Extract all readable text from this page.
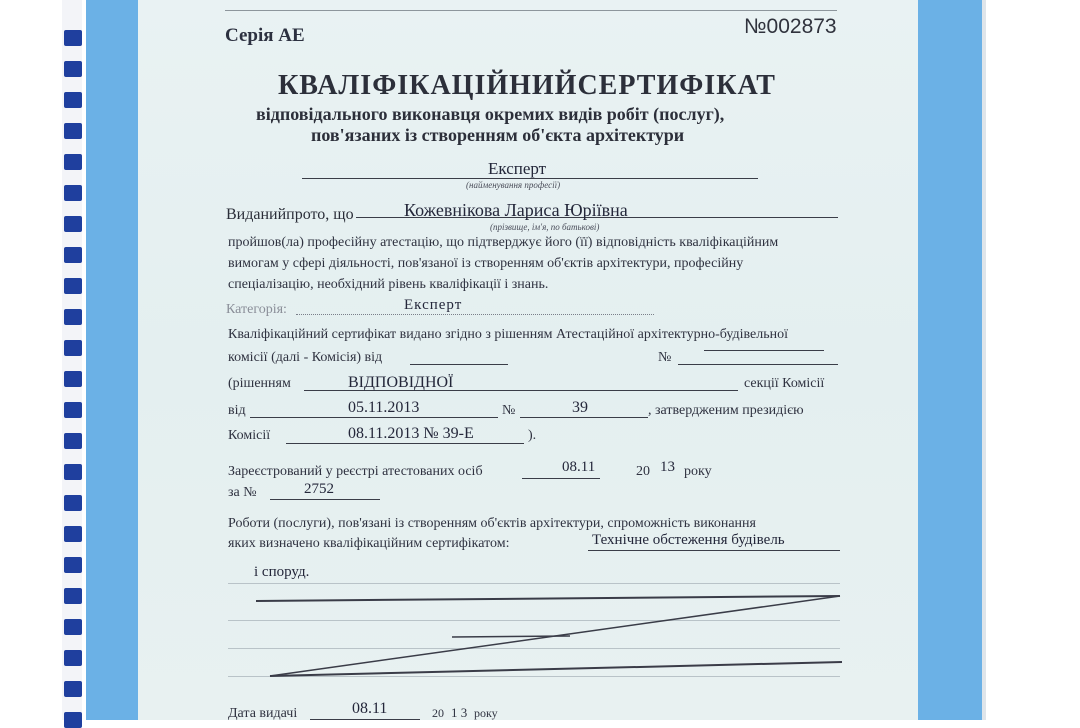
Серія АЕ	№002873
КВАЛІФІКАЦІЙНИЙСЕРТИФІКАТ
відповідального виконавця окремих видів робіт (послуг),
пов'язаних із створенням об'єкта архітектури
Експерт
(найменування професії)
Виданийпрото, що	Кожевнікова Лариса Юріївна
(прізвище, ім'я, по батькові)
пройшов(ла) професійну атестацію, що підтверджує його (її) відповідність кваліфікаційним
вимогам у сфері діяльності, пов'язаної із створенням об'єктів архітектури, професійну
спеціалізацію, необхідний рівень кваліфікації і знань.
Категорія:	Експерт
Кваліфікаційний сертифікат видано згідно з рішенням Атестаційної архітектурно-будівельної
комісії (далі - Комісія) від	№
(рішенням	ВІДПОВІДНОЇ	секції Комісії
від	05.11.2013	№	39	, затвердженим президією
Комісії	08.11.2013 № 39-Е	).
Зареєстрований у реєстрі атестованих осіб	08.11	20 13 року
за №	2752
Роботи (послуги), пов'язані із створенням об'єктів архітектури, спроможність виконання
яких визначено кваліфікаційним сертифікатом:	Технічне обстеження будівель
і споруд.
Дата видачі	08.11	20 1 3 року
